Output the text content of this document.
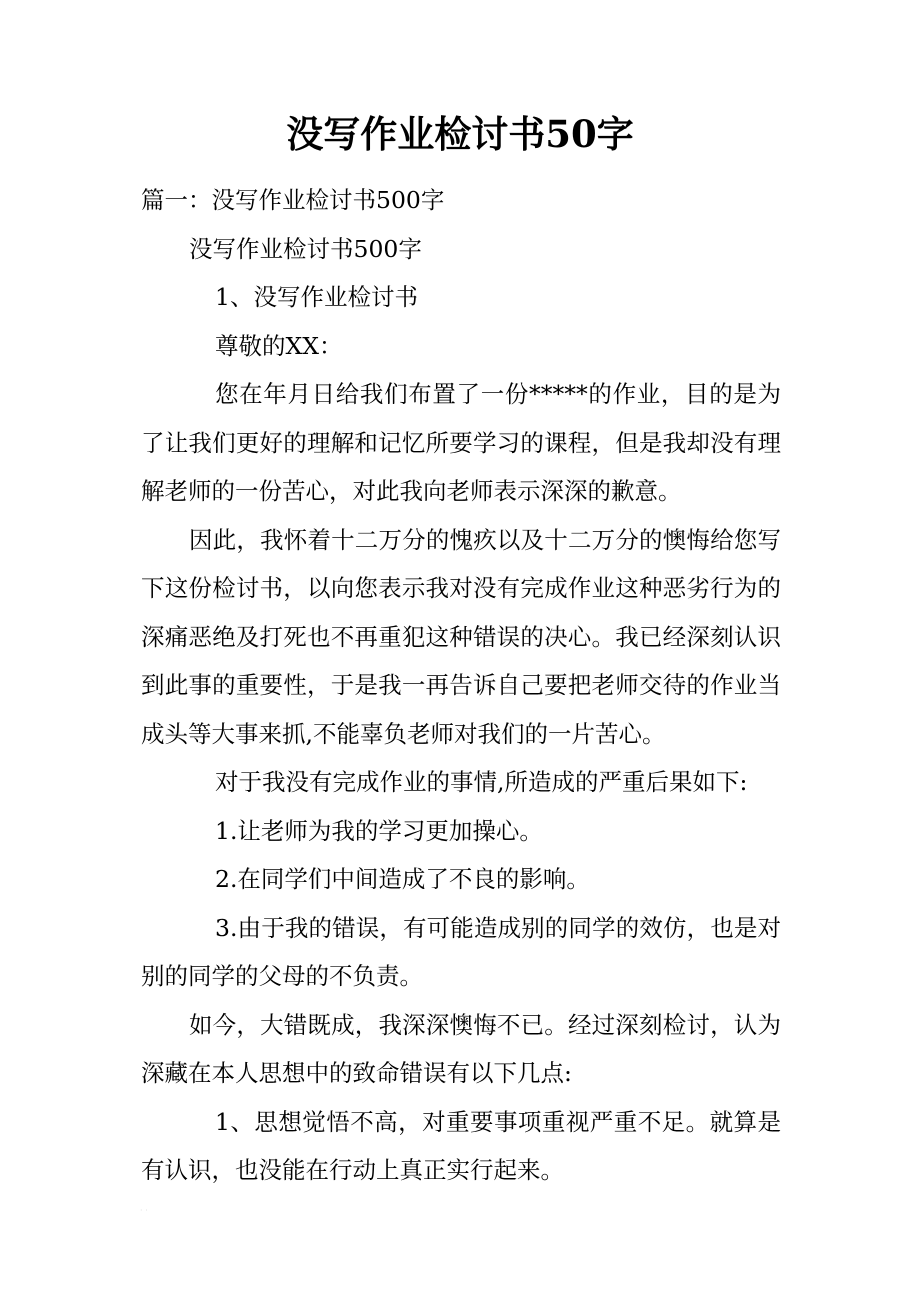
没写作业检讨书50字

篇一：没写作业检讨书500字

没写作业检讨书500字

1、没写作业检讨书

尊敬的XX：

您在年月日给我们布置了一份*****的作业，目的是为了让我们更好的理解和记忆所要学习的课程，但是我却没有理解老师的一份苦心，对此我向老师表示深深的歉意。

因此，我怀着十二万分的愧疚以及十二万分的懊悔给您写下这份检讨书，以向您表示我对没有完成作业这种恶劣行为的深痛恶绝及打死也不再重犯这种错误的决心。我已经深刻认识到此事的重要性，于是我一再告诉自己要把老师交待的作业当成头等大事来抓,不能辜负老师对我们的一片苦心。

对于我没有完成作业的事情,所造成的严重后果如下:

1.让老师为我的学习更加操心。

2.在同学们中间造成了不良的影响。

3.由于我的错误，有可能造成别的同学的效仿，也是对别的同学的父母的不负责。

如今，大错既成，我深深懊悔不已。经过深刻检讨，认为深藏在本人思想中的致命错误有以下几点:

1、思想觉悟不高，对重要事项重视严重不足。就算是有认识，也没能在行动上真正实行起来。

· ·
